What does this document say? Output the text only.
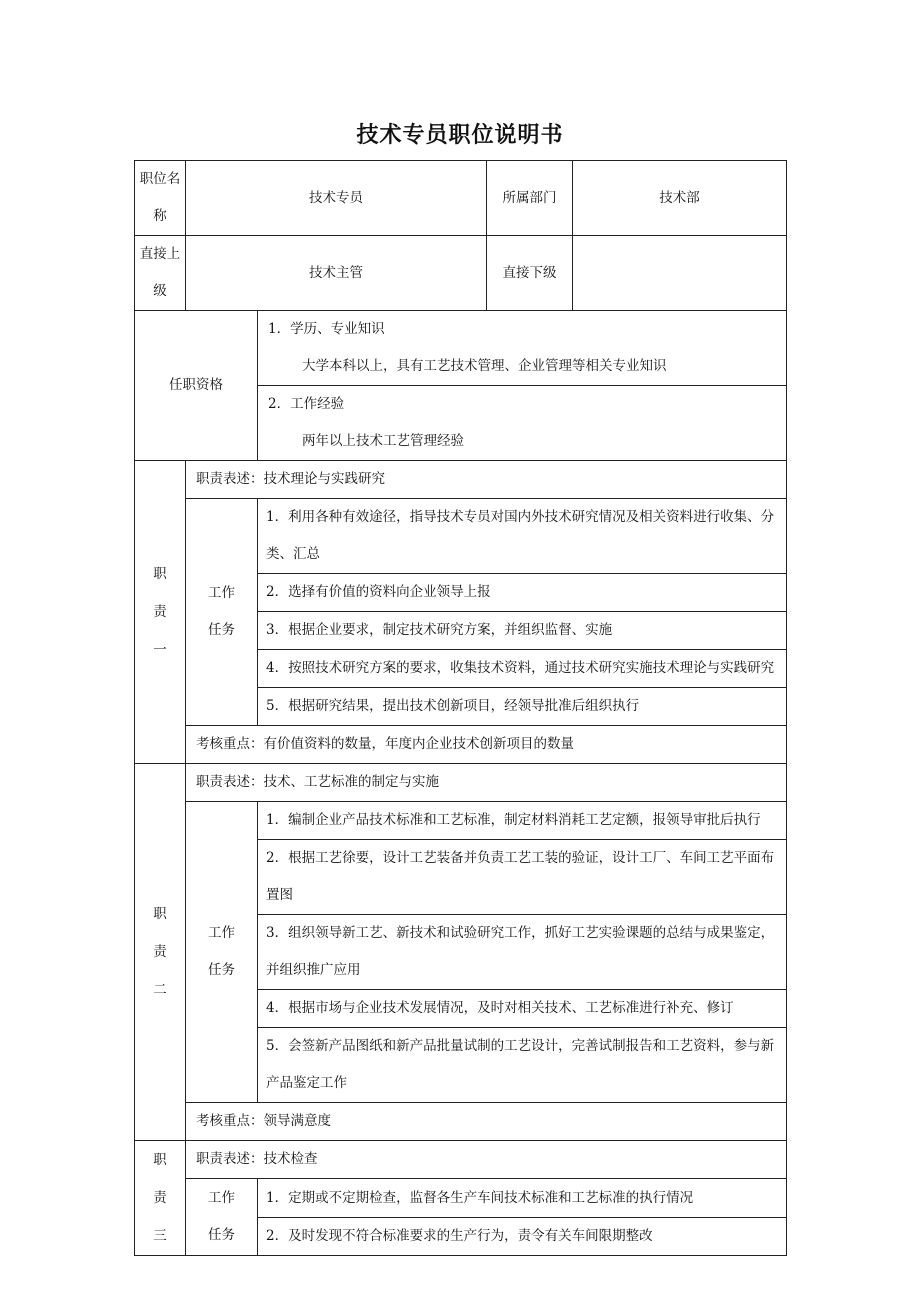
技术专员职位说明书
职位名称	技术专员		所属部门	技术部
直接上级	技术主管		直接下级	
任职资格		1．学历、专业知识
大学本科以上，具有工艺技术管理、企业管理等相关专业知识		

		2．工作经验
两年以上技术工艺管理经验		

职
责
一	职责表述：技术理论与实践研究			

	工作
任务	1．利用各种有效途径，指导技术专员对国内外技术研究情况及相关资料进行收集、分类、汇总		
		2．选择有价值的资料向企业领导上报		
		3．根据企业要求，制定技术研究方案，并组织监督、实施		
		4．按照技术研究方案的要求，收集技术资料，通过技术研究实施技术理论与实践研究		
		5．根据研究结果，提出技术创新项目，经领导批准后组织执行		
	考核重点：有价值资料的数量，年度内企业技术创新项目的数量			

职
责
二	职责表述：技术、工艺标准的制定与实施			

	工作
任务	1．编制企业产品技术标准和工艺标准，制定材料消耗工艺定额，报领导审批后执行		
		2．根据工艺徐要，设计工艺装备并负责工艺工装的验证，设计工厂、车间工艺平面布置图		
		3．组织领导新工艺、新技术和试验研究工作，抓好工艺实验课题的总结与成果鉴定，并组织推广应用		
		4．根据市场与企业技术发展情况，及时对相关技术、工艺标准进行补充、修订		
		5．会签新产品图纸和新产品批量试制的工艺设计，完善试制报告和工艺资料，参与新产品鉴定工作		
	考核重点：领导满意度			

职
责
三	职责表述：技术检查			

	工作
任务	1．定期或不定期检查，监督各生产车间技术标准和工艺标准的执行情况		
		2．及时发现不符合标准要求的生产行为，责令有关车间限期整改		
